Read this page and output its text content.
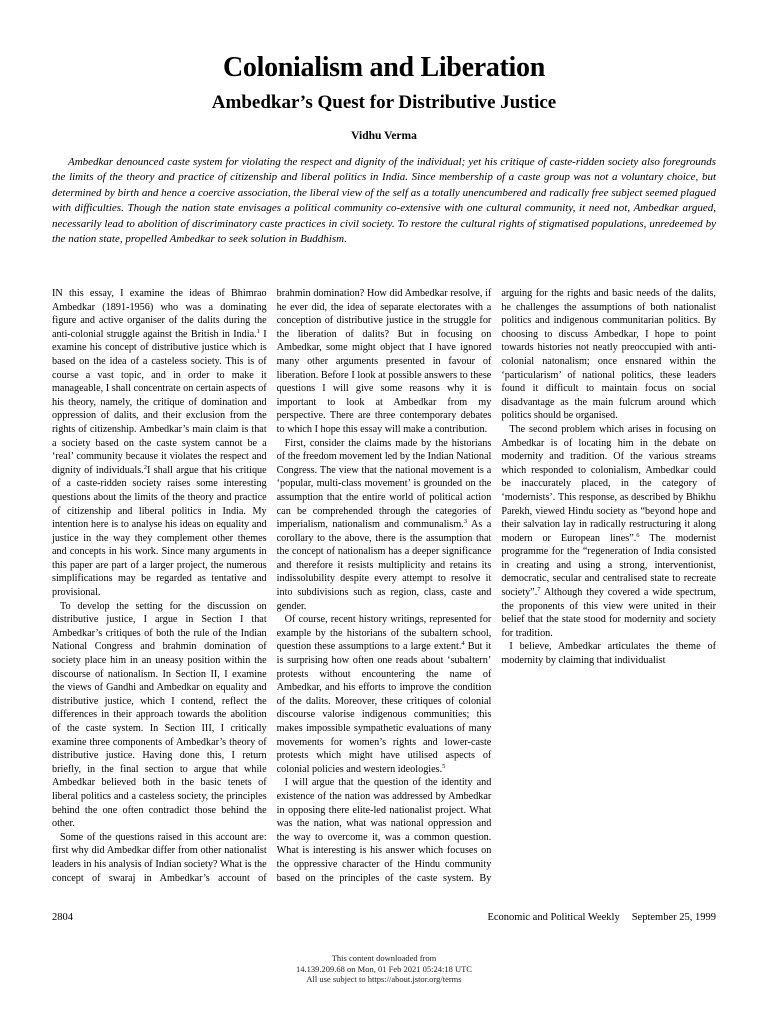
Colonialism and Liberation
Ambedkar’s Quest for Distributive Justice
Vidhu Verma

Ambedkar denounced caste system for violating the respect and dignity of the individual; yet his critique of caste-ridden society also foregrounds the limits of the theory and practice of citizenship and liberal politics in India. Since membership of a caste group was not a voluntary choice, but determined by birth and hence a coercive association, the liberal view of the self as a totally unencumbered and radically free subject seemed plagued with difficulties. Though the nation state envisages a political community co-extensive with one cultural community, it need not, Ambedkar argued, necessarily lead to abolition of discriminatory caste practices in civil society. To restore the cultural rights of stigmatised populations, unredeemed by the nation state, propelled Ambedkar to seek solution in Buddhism.

IN this essay, I examine the ideas of Bhimrao Ambedkar (1891-1956) who was a dominating figure and active organiser of the dalits during the anti-colonial struggle against the British in India.$^1$ I examine his concept of distributive justice which is based on the idea of a casteless society. This is of course a vast topic, and in order to make it manageable, I shall concentrate on certain aspects of his theory, namely, the critique of domination and oppression of dalits, and their exclusion from the rights of citizenship. Ambedkar’s main claim is that a society based on the caste system cannot be a ‘real’ community because it violates the respect and dignity of individuals.$^2$I shall argue that his critique of a caste-ridden society raises some interesting questions about the limits of the theory and practice of citizenship and liberal politics in India. My intention here is to analyse his ideas on equality and justice in the way they complement other themes and concepts in his work. Since many arguments in this paper are part of a larger project, the numerous simplifications may be regarded as tentative and provisional.

To develop the setting for the discussion on distributive justice, I argue in Section I that Ambedkar’s critiques of both the rule of the Indian National Congress and brahmin domination of society place him in an uneasy position within the discourse of nationalism. In Section II, I examine the views of Gandhi and Ambedkar on equality and distributive justice, which I contend, reflect the differences in their approach towards the abolition of the caste system. In Section III, I critically examine three components of Ambedkar’s theory of distributive justice. Having done this, I return briefly, in the final section to argue that while Ambedkar believed both in the basic tenets of liberal politics and a casteless society, the principles behind the one often contradict those behind the other.

Some of the questions raised in this account are: first why did Ambedkar differ from other nationalist leaders in his analysis of Indian society? What is the concept of swaraj in Ambedkar’s account of brahmin domination? How did Ambedkar resolve, if he ever did, the idea of separate electorates with a conception of distributive justice in the struggle for the liberation of dalits? But in focusing on Ambedkar, some might object that I have ignored many other arguments presented in favour of liberation. Before I look at possible answers to these questions I will give some reasons why it is important to look at Ambedkar from my perspective. There are three contemporary debates to which I hope this essay will make a contribution.

First, consider the claims made by the historians of the freedom movement led by the Indian National Congress. The view that the national movement is a ‘popular, multi-class movement’ is grounded on the assumption that the entire world of political action can be comprehended through the categories of imperialism, nationalism and communalism.$^3$ As a corollary to the above, there is the assumption that the concept of nationalism has a deeper significance and therefore it resists multiplicity and retains its indissolubility despite every attempt to resolve it into subdivisions such as region, class, caste and gender.

Of course, recent history writings, represented for example by the historians of the subaltern school, question these assumptions to a large extent.$^4$ But it is surprising how often one reads about ‘subaltern’ protests without encountering the name of Ambedkar, and his efforts to improve the condition of the dalits. Moreover, these critiques of colonial discourse valorise indigenous communities; this makes impossible sympathetic evaluations of many movements for women’s rights and lower-caste protests which might have utilised aspects of colonial policies and western ideologies.$^5$

I will argue that the question of the identity and existence of the nation was addressed by Ambedkar in opposing there elite-led nationalist project. What was the nation, what was national oppression and the way to overcome it, was a common question. What is interesting is his answer which focuses on the oppressive character of the Hindu community based on the principles of the caste system. By arguing for the rights and basic needs of the dalits, he challenges the assumptions of both nationalist politics and indigenous communitarian politics. By choosing to discuss Ambedkar, I hope to point towards histories not neatly preoccupied with anti-colonial natonalism; once ensnared within the ‘particularism’ of national politics, these leaders found it difficult to maintain focus on social disadvantage as the main fulcrum around which politics should be organised.

The second problem which arises in focusing on Ambedkar is of locating him in the debate on modernity and tradition. Of the various streams which responded to colonialism, Ambedkar could be inaccurately placed, in the category of ‘modernists’. This response, as described by Bhikhu Parekh, viewed Hindu society as “beyond hope and their salvation lay in radically restructuring it along modern or European lines”.$^6$ The modernist programme for the “regeneration of India consisted in creating and using a strong, interventionist, democratic, secular and centralised state to recreate society”.$^7$ Although they covered a wide spectrum, the proponents of this view were united in their belief that the state stood for modernity and society for tradition.

I believe, Ambedkar articulates the theme of modernity by claiming that individualist

2804	Economic and Political Weekly September 25, 1999
This content downloaded from
14.139.209.68 on Mon, 01 Feb 2021 05:24:18 UTC
All use subject to https://about.jstor.org/terms
